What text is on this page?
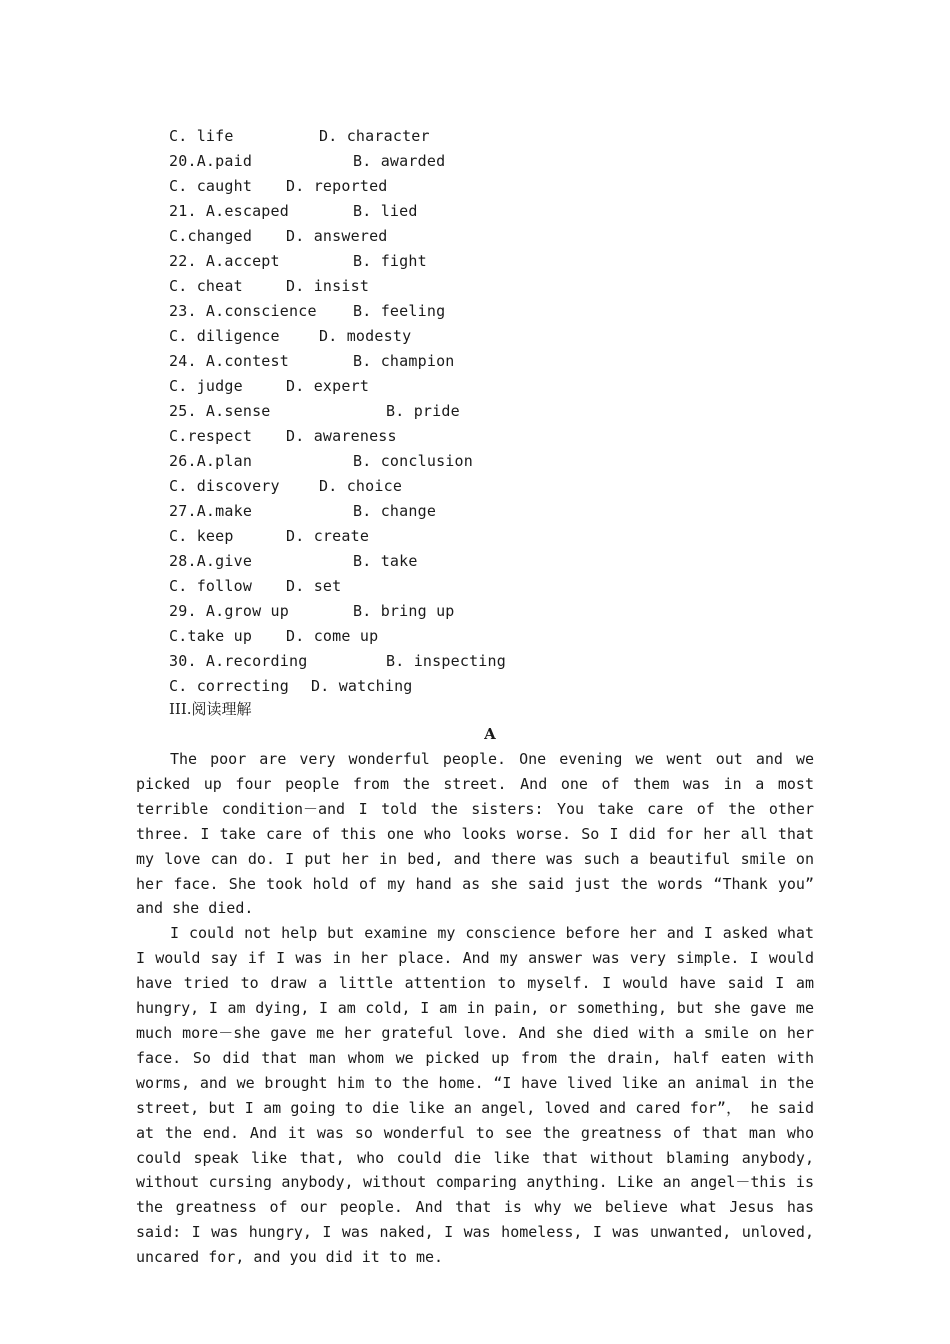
C. life	D. character
20.A.paid	B. awarded
C. caught D. reported
21. A.escaped	B. lied
C.changed D. answered
22. A.accept	B. fight
C. cheat	D. insist
23. A.conscience B. feeling
C. diligence	D. modesty
24. A.contest	B. champion
C. judge	D. expert
25. A.sense	B. pride
C.respect D. awareness
26.A.plan	B. conclusion
C. discovery	D. choice
27.A.make	B. change
C. keep	D. create
28.A.give	B. take
C. follow D. set
29. A.grow up	B. bring up
C.take up D. come up
30. A.recording	B. inspecting
C. correcting D. watching
III.阅读理解
A

The poor are very wonderful people. One evening we went out and we picked up four people from the street. And one of them was in a most terrible condition－and I told the sisters: You take care of the other three. I take care of this one who looks worse. So I did for her all that my love can do. I put her in bed, and there was such a beautiful smile on her face. She took hold of my hand as she said just the words “Thank you” and she died.

I could not help but examine my conscience before her and I asked what I would say if I was in her place. And my answer was very simple. I would have tried to draw a little attention to myself. I would have said I am hungry, I am dying, I am cold, I am in pain, or something, but she gave me much more－she gave me her grateful love. And she died with a smile on her face. So did that man whom we picked up from the drain, half eaten with worms, and we brought him to the home. “I have lived like an animal in the street, but I am going to die like an angel, loved and cared for”， he said at the end. And it was so wonderful to see the greatness of that man who could speak like that, who could die like that without blaming anybody, without cursing anybody, without comparing anything. Like an angel－this is the greatness of our people. And that is why we believe what Jesus has said: I was hungry, I was naked, I was homeless, I was unwanted, unloved, uncared for, and you did it to me.
